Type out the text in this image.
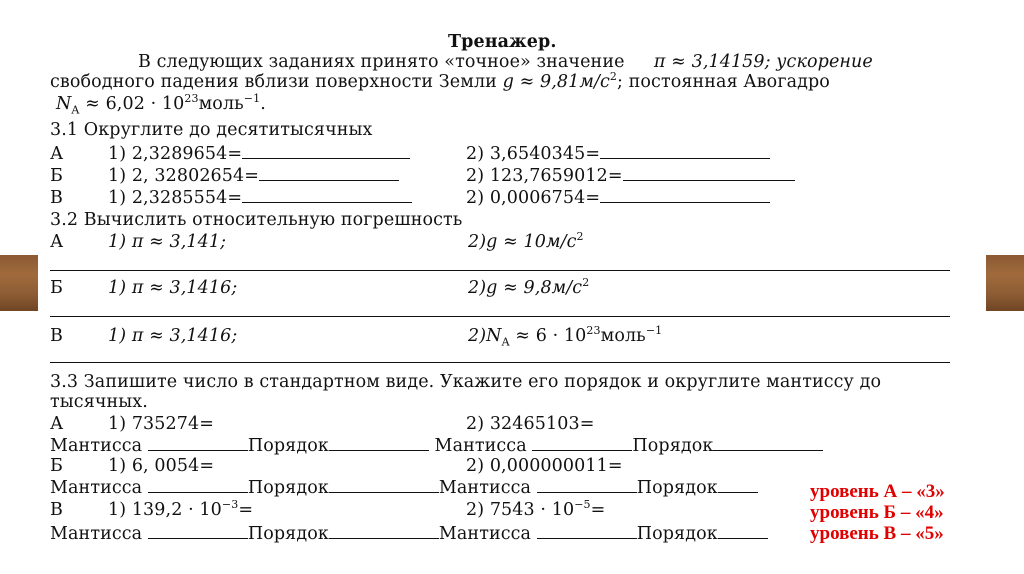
Тренажер.
В следующих заданиях принято «точное» значение π ≈ 3,14159; ускорение
свободного падения вблизи поверхности Земли $g \approx 9,81м/с^2$; постоянная Авогадро
$N_A \approx 6,02$ · $10^{23}моль^{-1}$.
3.1 Округлите до десятитысячных
А	1) 2,3289654=	2) 3,6540345=
Б	1) 2, 32802654=	2) 123,7659012=
В	1) 2,3285554=	2) 0,0006754=
3.2 Вычислить относительную погрешность
А	1) π ≈ 3,141;	$2)g \approx 10м/с^2$
Б	1) π ≈ 3,1416;	$2)g \approx 9,8м/с^2$
В	1) π ≈ 3,1416;	$2)N_A \approx 6$ · $10^{23}моль^{-1}$
3.3 Запишите число в стандартном виде. Укажите его порядок и округлите мантиссу до
тысячных.
А	1) 735274=	2) 32465103=
Мантисса	Порядок	Мантисса	Порядок
Б	1) 6, 0054=	2) 0,000000011=
Мантисса	Порядок	Мантисса	Порядок
В	1) $139,2 \cdot 10^{-3}=$	2) $7543 \cdot 10^{-5}=$
Мантисса	Порядок	Мантисса	Порядок
уровень А – «3»
уровень Б – «4»
уровень В – «5»
